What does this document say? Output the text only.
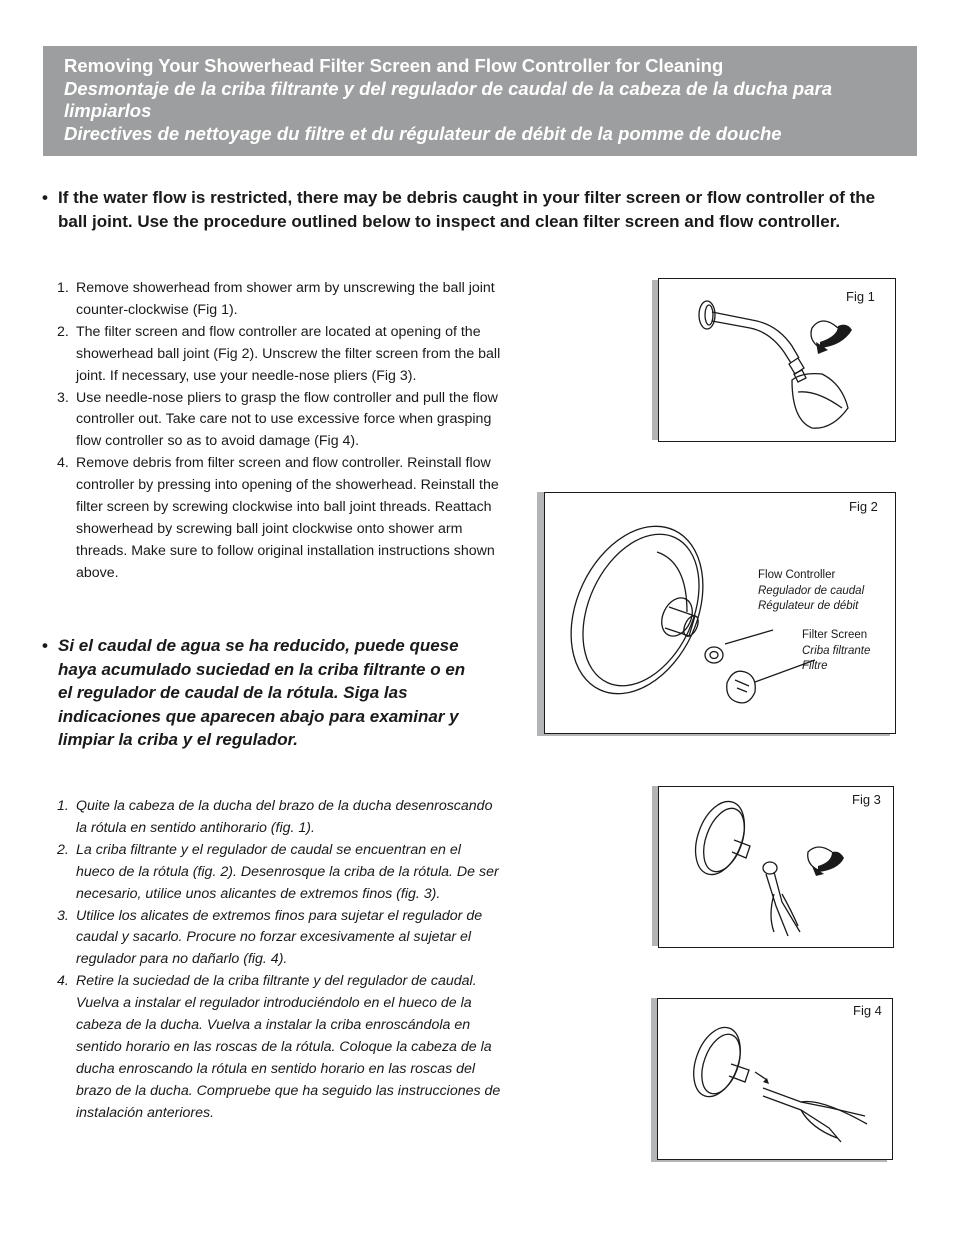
Removing Your Showerhead Filter Screen and Flow Controller for Cleaning

Desmontaje de la criba filtrante y del regulador de caudal de la cabeza de la ducha para limpiarlos

Directives de nettoyage du filtre et du régulateur de débit de la pomme de douche

• If the water flow is restricted, there may be debris caught in your filter screen or flow controller of the ball joint. Use the procedure outlined below to inspect and clean filter screen and flow controller.
1. Remove showerhead from shower arm by unscrewing the ball joint counter-clockwise (Fig 1).
2. The filter screen and flow controller are located at opening of the showerhead ball joint (Fig 2). Unscrew the filter screen from the ball joint. If necessary, use your needle-nose pliers (Fig 3).
3. Use needle-nose pliers to grasp the flow controller and pull the flow controller out. Take care not to use excessive force when grasping flow controller so as to avoid damage (Fig 4).
4. Remove debris from filter screen and flow controller. Reinstall flow controller by pressing into opening of the showerhead. Reinstall the filter screen by screwing clockwise into ball joint threads. Reattach showerhead by screwing ball joint clockwise onto shower arm threads. Make sure to follow original installation instructions shown above.
• Si el caudal de agua se ha reducido, puede quese haya acumulado suciedad en la criba filtrante o en el regulador de caudal de la rótula. Siga las indicaciones que aparecen abajo para examinar y limpiar la criba y el regulador.
1. Quite la cabeza de la ducha del brazo de la ducha desenroscando la rótula en sentido antihorario (fig. 1).
2. La criba filtrante y el regulador de caudal se encuentran en el hueco de la rótula (fig. 2). Desenrosque la criba de la rótula. De ser necesario, utilice unos alicantes de extremos finos (fig. 3).
3. Utilice los alicates de extremos finos para sujetar el regulador de caudal y sacarlo. Procure no forzar excesivamente al sujetar el regulador para no dañarlo (fig. 4).
4. Retire la suciedad de la criba filtrante y del regulador de caudal. Vuelva a instalar el regulador introduciéndolo en el hueco de la cabeza de la ducha. Vuelva a instalar la criba enroscándola en sentido horario en las roscas de la rótula. Coloque la cabeza de la ducha enroscando la rótula en sentido horario en las roscas del brazo de la ducha. Compruebe que ha seguido las instrucciones de instalación anteriores.
Fig 1
Fig 2
Flow Controller
Regulador de caudal
Régulateur de débit
Filter Screen
Criba filtrante
Filtre
Fig 3
Fig 4
